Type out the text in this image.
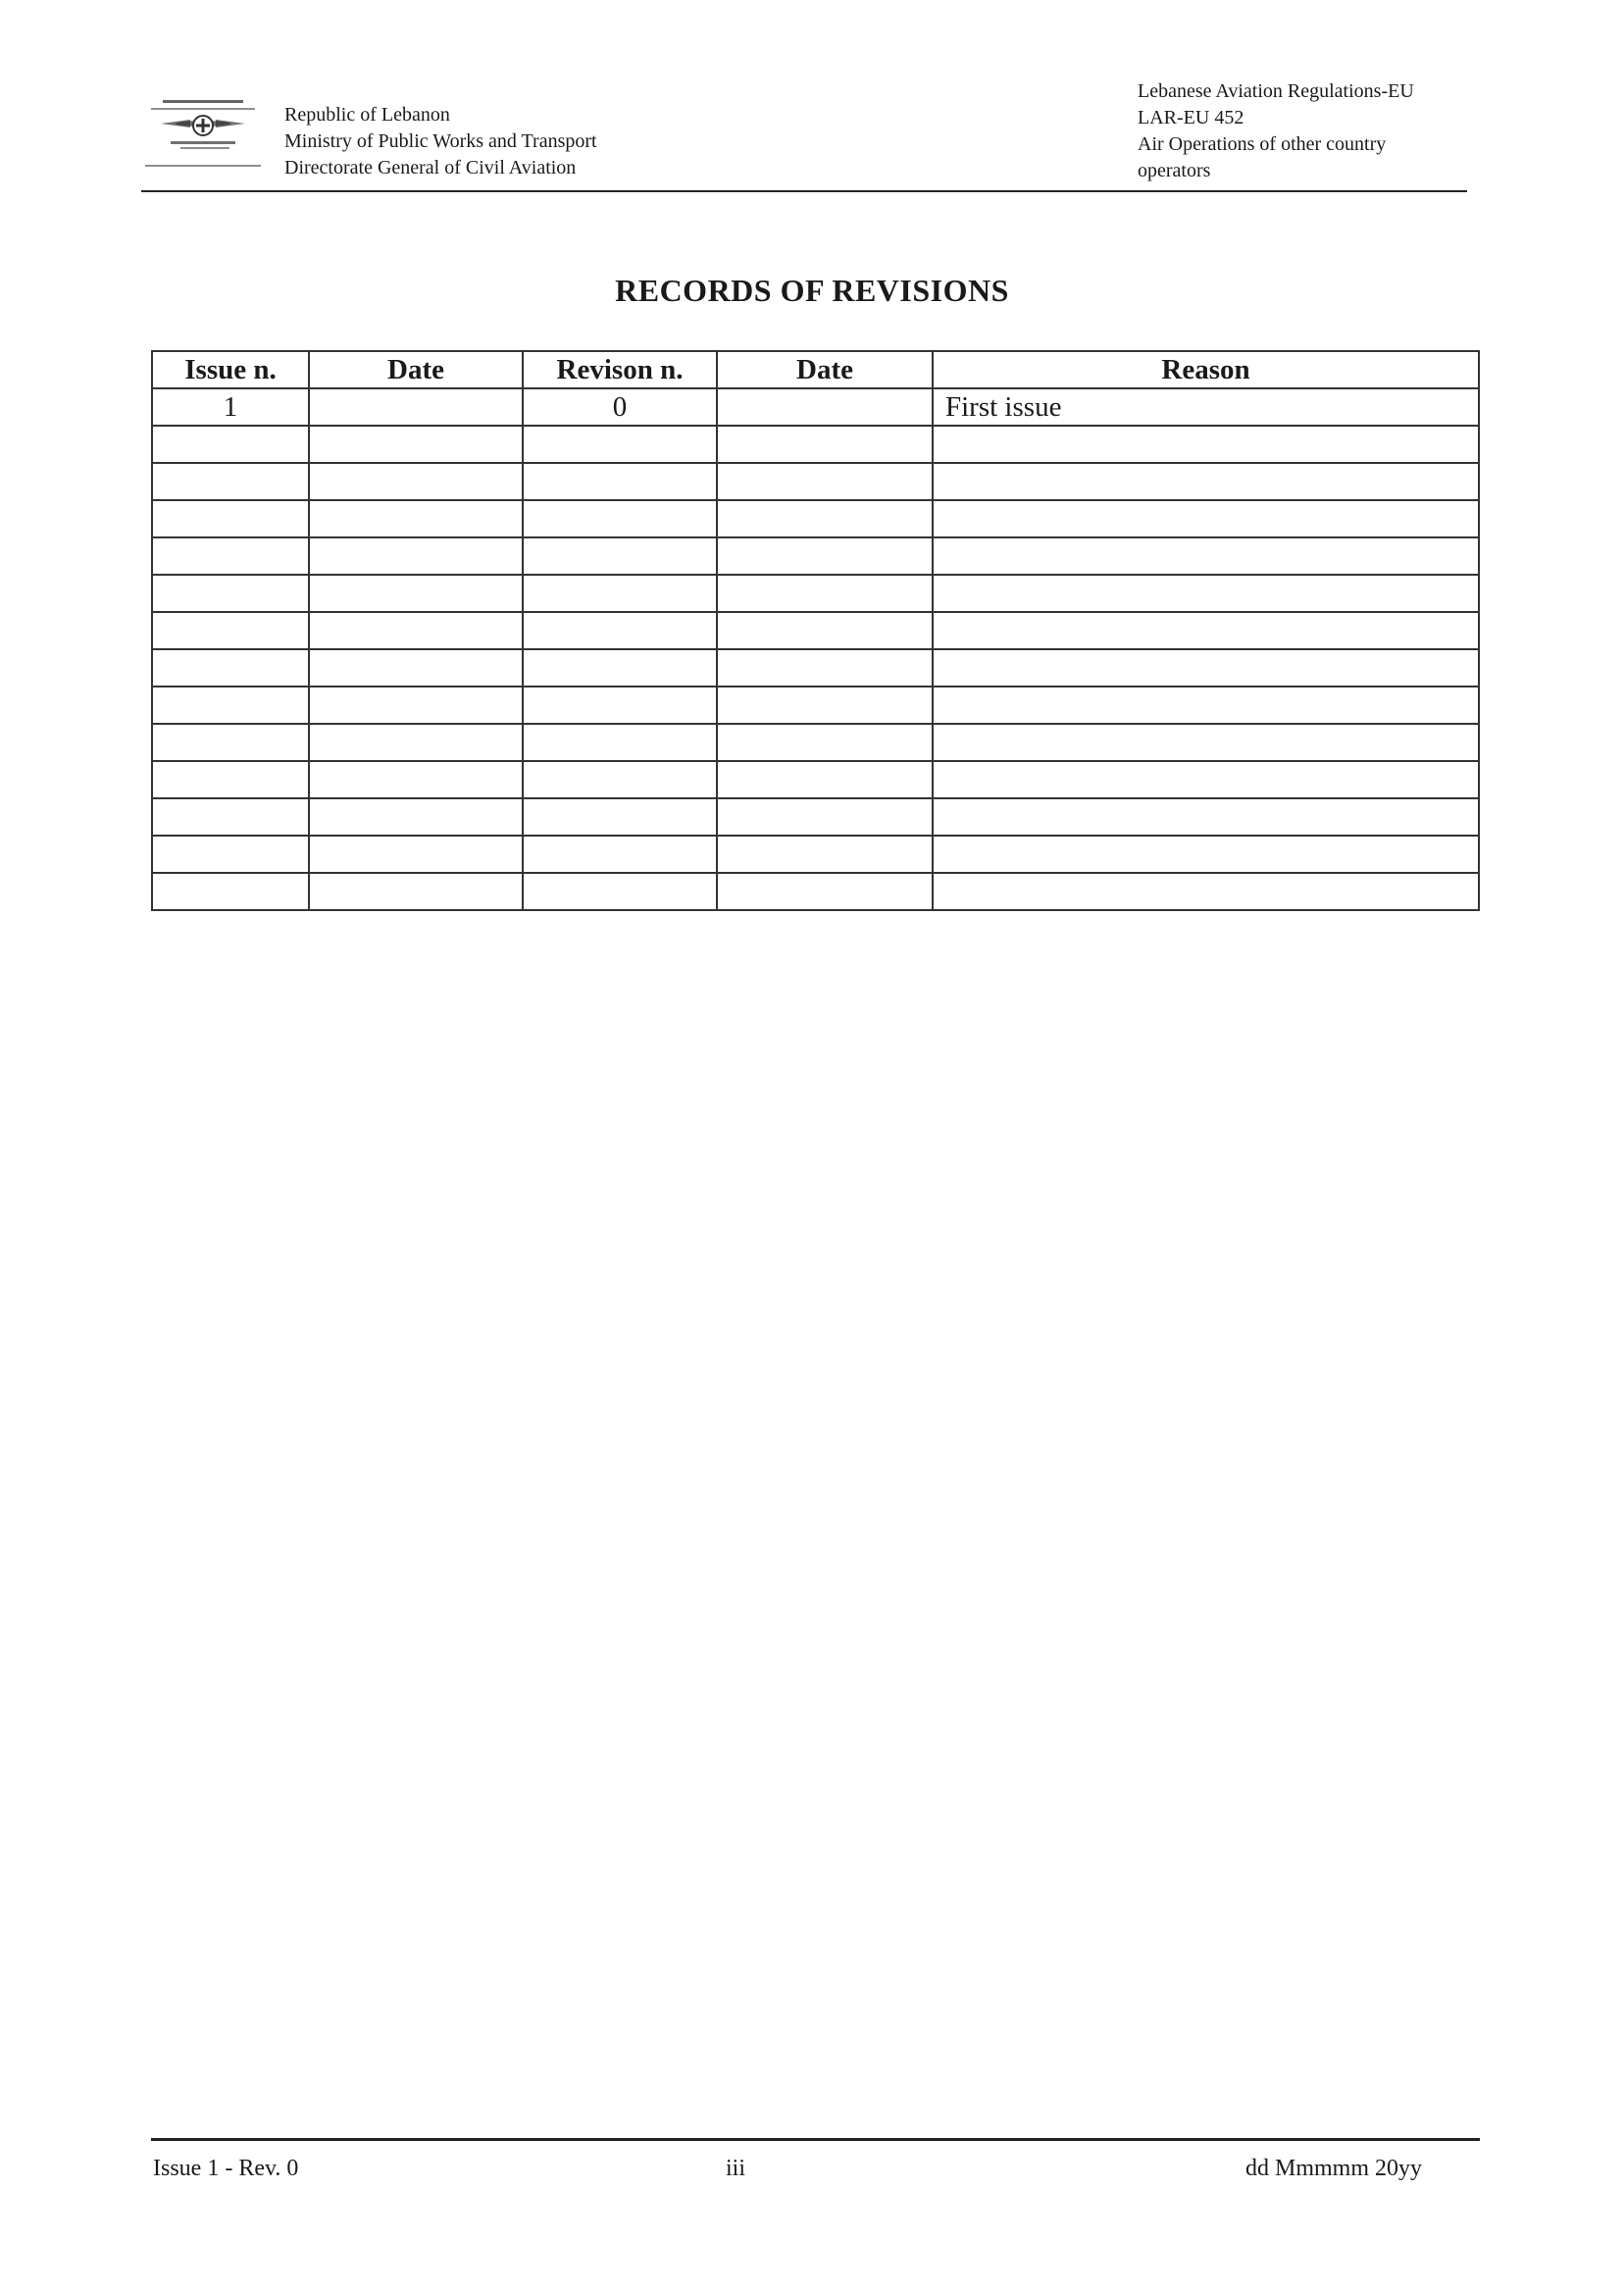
Republic of Lebanon
Ministry of Public Works and Transport
Directorate General of Civil Aviation
Lebanese Aviation Regulations-EU
LAR-EU 452
Air Operations of other country
operators
RECORDS OF REVISIONS
Issue n.	Date	Revison n.	Date	Reason
1		0		First issue

Issue 1 - Rev. 0	iii	dd Mmmmm 20yy
